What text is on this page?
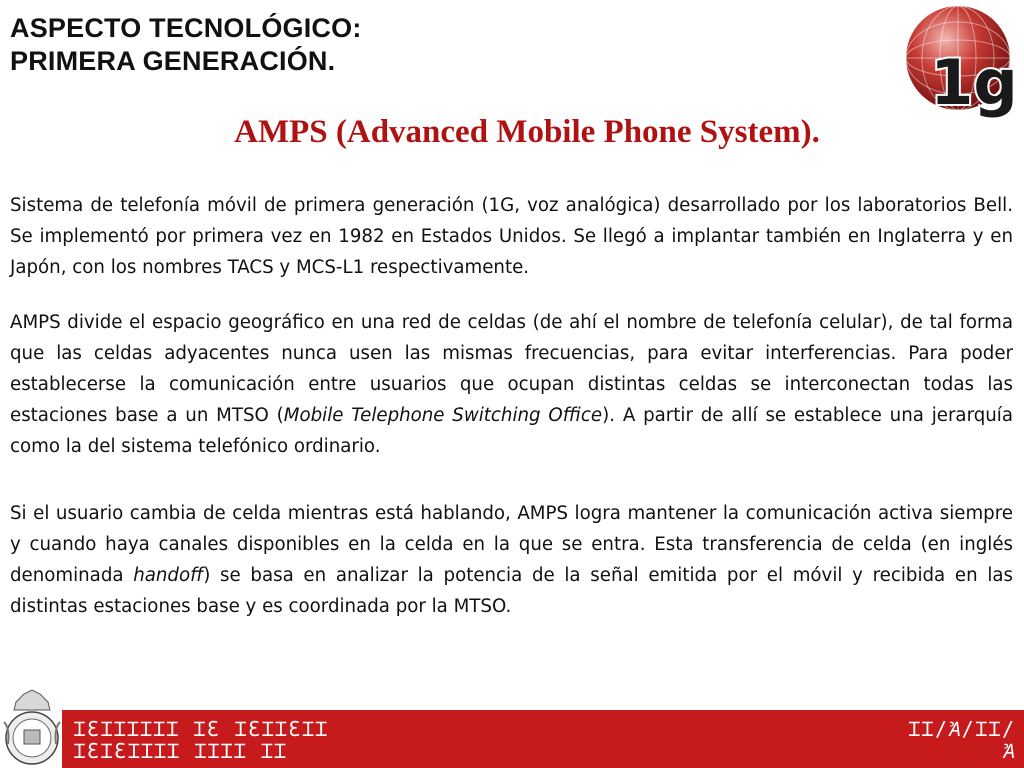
ASPECTO TECNOLÓGICO:
PRIMERA GENERACIÓN.	1g
AMPS (Advanced Mobile Phone System).

Sistema de telefonía móvil de primera generación (1G, voz analógica) desarrollado por los laboratorios Bell. Se implementó por primera vez en 1982 en Estados Unidos. Se llegó a implantar también en Inglaterra y en Japón, con los nombres TACS y MCS-L1 respectivamente.

AMPS divide el espacio geográfico en una red de celdas (de ahí el nombre de telefonía celular), de tal forma que las celdas adyacentes nunca usen las mismas frecuencias, para evitar interferencias. Para poder establecerse la comunicación entre usuarios que ocupan distintas celdas se interconectan todas las estaciones base a un MTSO (Mobile Telephone Switching Office). A partir de allí se establece una jerarquía como la del sistema telefónico ordinario.

Si el usuario cambia de celda mientras está hablando, AMPS logra mantener la comunicación activa siempre y cuando haya canales disponibles en la celda en la que se entra. Esta transferencia de celda (en inglés denominada handoff) se basa en analizar la potencia de la señal emitida por el móvil y recibida en las distintas estaciones base y es coordinada por la MTSO.

ꞮƐꞮꞮꞮꞮꞮꞮ ꞮƐ ꞮƐꞮꞮƐꞮꞮ
ꞮƐꞮƐꞮꞮꞮꞮ ꞮꞮꞮꞮ ꞮꞮ
ꞮꞮ/Ꞻ/ꞮꞮ/
Ꞻ
